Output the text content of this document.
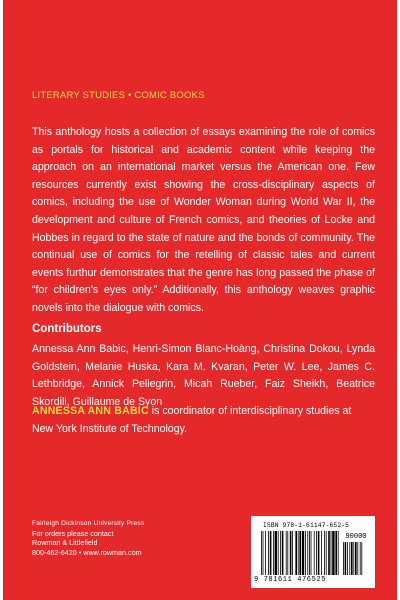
LITERARY STUDIES • COMIC BOOKS

This anthology hosts a collection of essays examining the role of comics as portals for historical and academic content while keeping the approach on an international market versus the American one. Few resources currently exist showing the cross-disciplinary aspects of comics, including the use of Wonder Woman during World War II, the development and culture of French comics, and theories of Locke and Hobbes in regard to the state of nature and the bonds of community. The continual use of comics for the retelling of classic tales and current events furthur demonstrates that the genre has long passed the phase of “for children’s eyes only.” Additionally, this anthology weaves graphic novels into the dialogue with comics.

Contributors

Annessa Ann Babic, Henri-Simon Blanc-Hoàng, Christina Dokou, Lynda Goldstein, Melanie Huska, Kara M. Kvaran, Peter W. Lee, James C. Lethbridge, Annick Pellegrin, Micah Rueber, Faiz Sheikh, Beatrice Skordili, Guillaume de Syon

ANNESSA ANN BABIC is coordinator of interdisciplinary studies at New York Institute of Technology.

Fairleigh Dickinson University Press
For orders please contact
Rowman & Littlefield
800-462-6420 • www.rowman.com
ISBN 978-1-61147-652-5
90000
9 781611 476525
